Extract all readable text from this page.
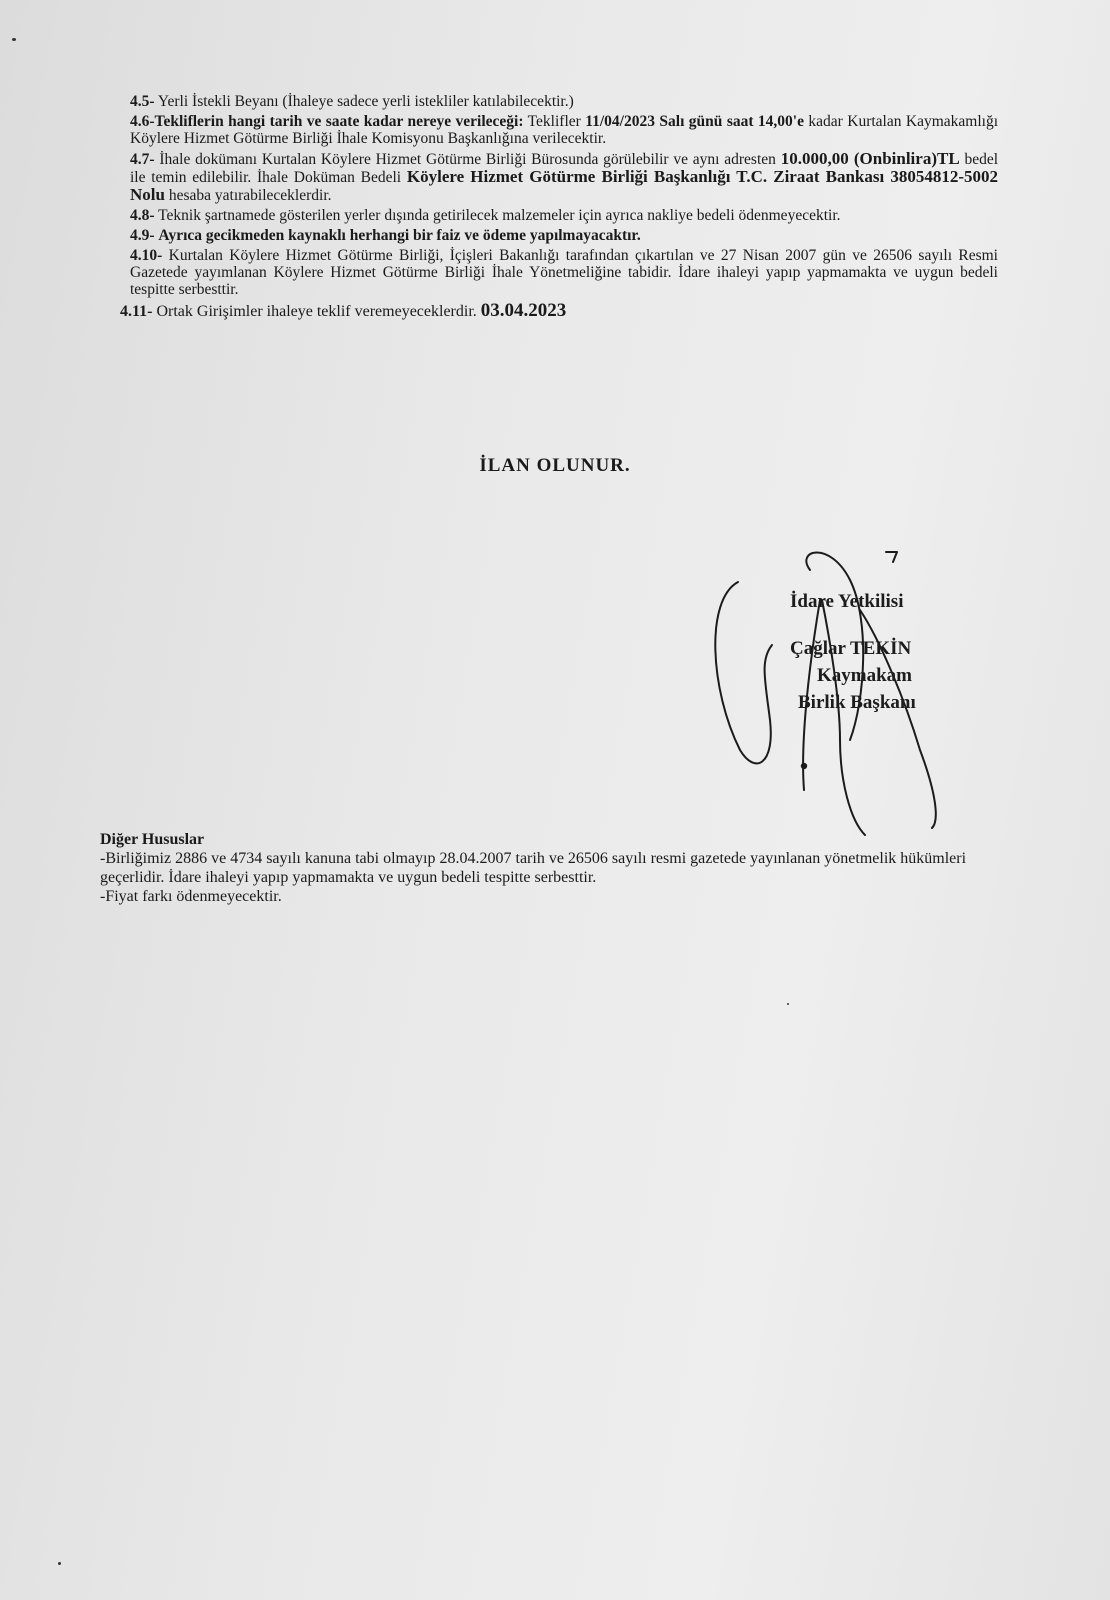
4.5- Yerli İstekli Beyanı (İhaleye sadece yerli istekliler katılabilecektir.)

4.6-Tekliflerin hangi tarih ve saate kadar nereye verileceği: Teklifler 11/04/2023 Salı günü saat 14,00'e kadar Kurtalan Kaymakamlığı Köylere Hizmet Götürme Birliği İhale Komisyonu Başkanlığına verilecektir.

4.7- İhale dokümanı Kurtalan Köylere Hizmet Götürme Birliği Bürosunda görülebilir ve aynı adresten 10.000,00 (Onbinlira)TL bedel ile temin edilebilir. İhale Doküman Bedeli Köylere Hizmet Götürme Birliği Başkanlığı T.C. Ziraat Bankası 38054812-5002 Nolu hesaba yatırabileceklerdir.

4.8- Teknik şartnamede gösterilen yerler dışında getirilecek malzemeler için ayrıca nakliye bedeli ödenmeyecektir.

4.9- Ayrıca gecikmeden kaynaklı herhangi bir faiz ve ödeme yapılmayacaktır.

4.10- Kurtalan Köylere Hizmet Götürme Birliği, İçişleri Bakanlığı tarafından çıkartılan ve 27 Nisan 2007 gün ve 26506 sayılı Resmi Gazetede yayımlanan Köylere Hizmet Götürme Birliği İhale Yönetmeliğine tabidir. İdare ihaleyi yapıp yapmamakta ve uygun bedeli tespitte serbesttir.

4.11- Ortak Girişimler ihaleye teklif veremeyeceklerdir. 03.04.2023

İLAN OLUNUR.
İdare Yetkilisi
Çağlar TEKİN
Kaymakam
Birlik Başkanı

Diğer Hususlar

-Birliğimiz 2886 ve 4734 sayılı kanuna tabi olmayıp 28.04.2007 tarih ve 26506 sayılı resmi gazetede yayınlanan yönetmelik hükümleri geçerlidir. İdare ihaleyi yapıp yapmamakta ve uygun bedeli tespitte serbesttir.

-Fiyat farkı ödenmeyecektir.
